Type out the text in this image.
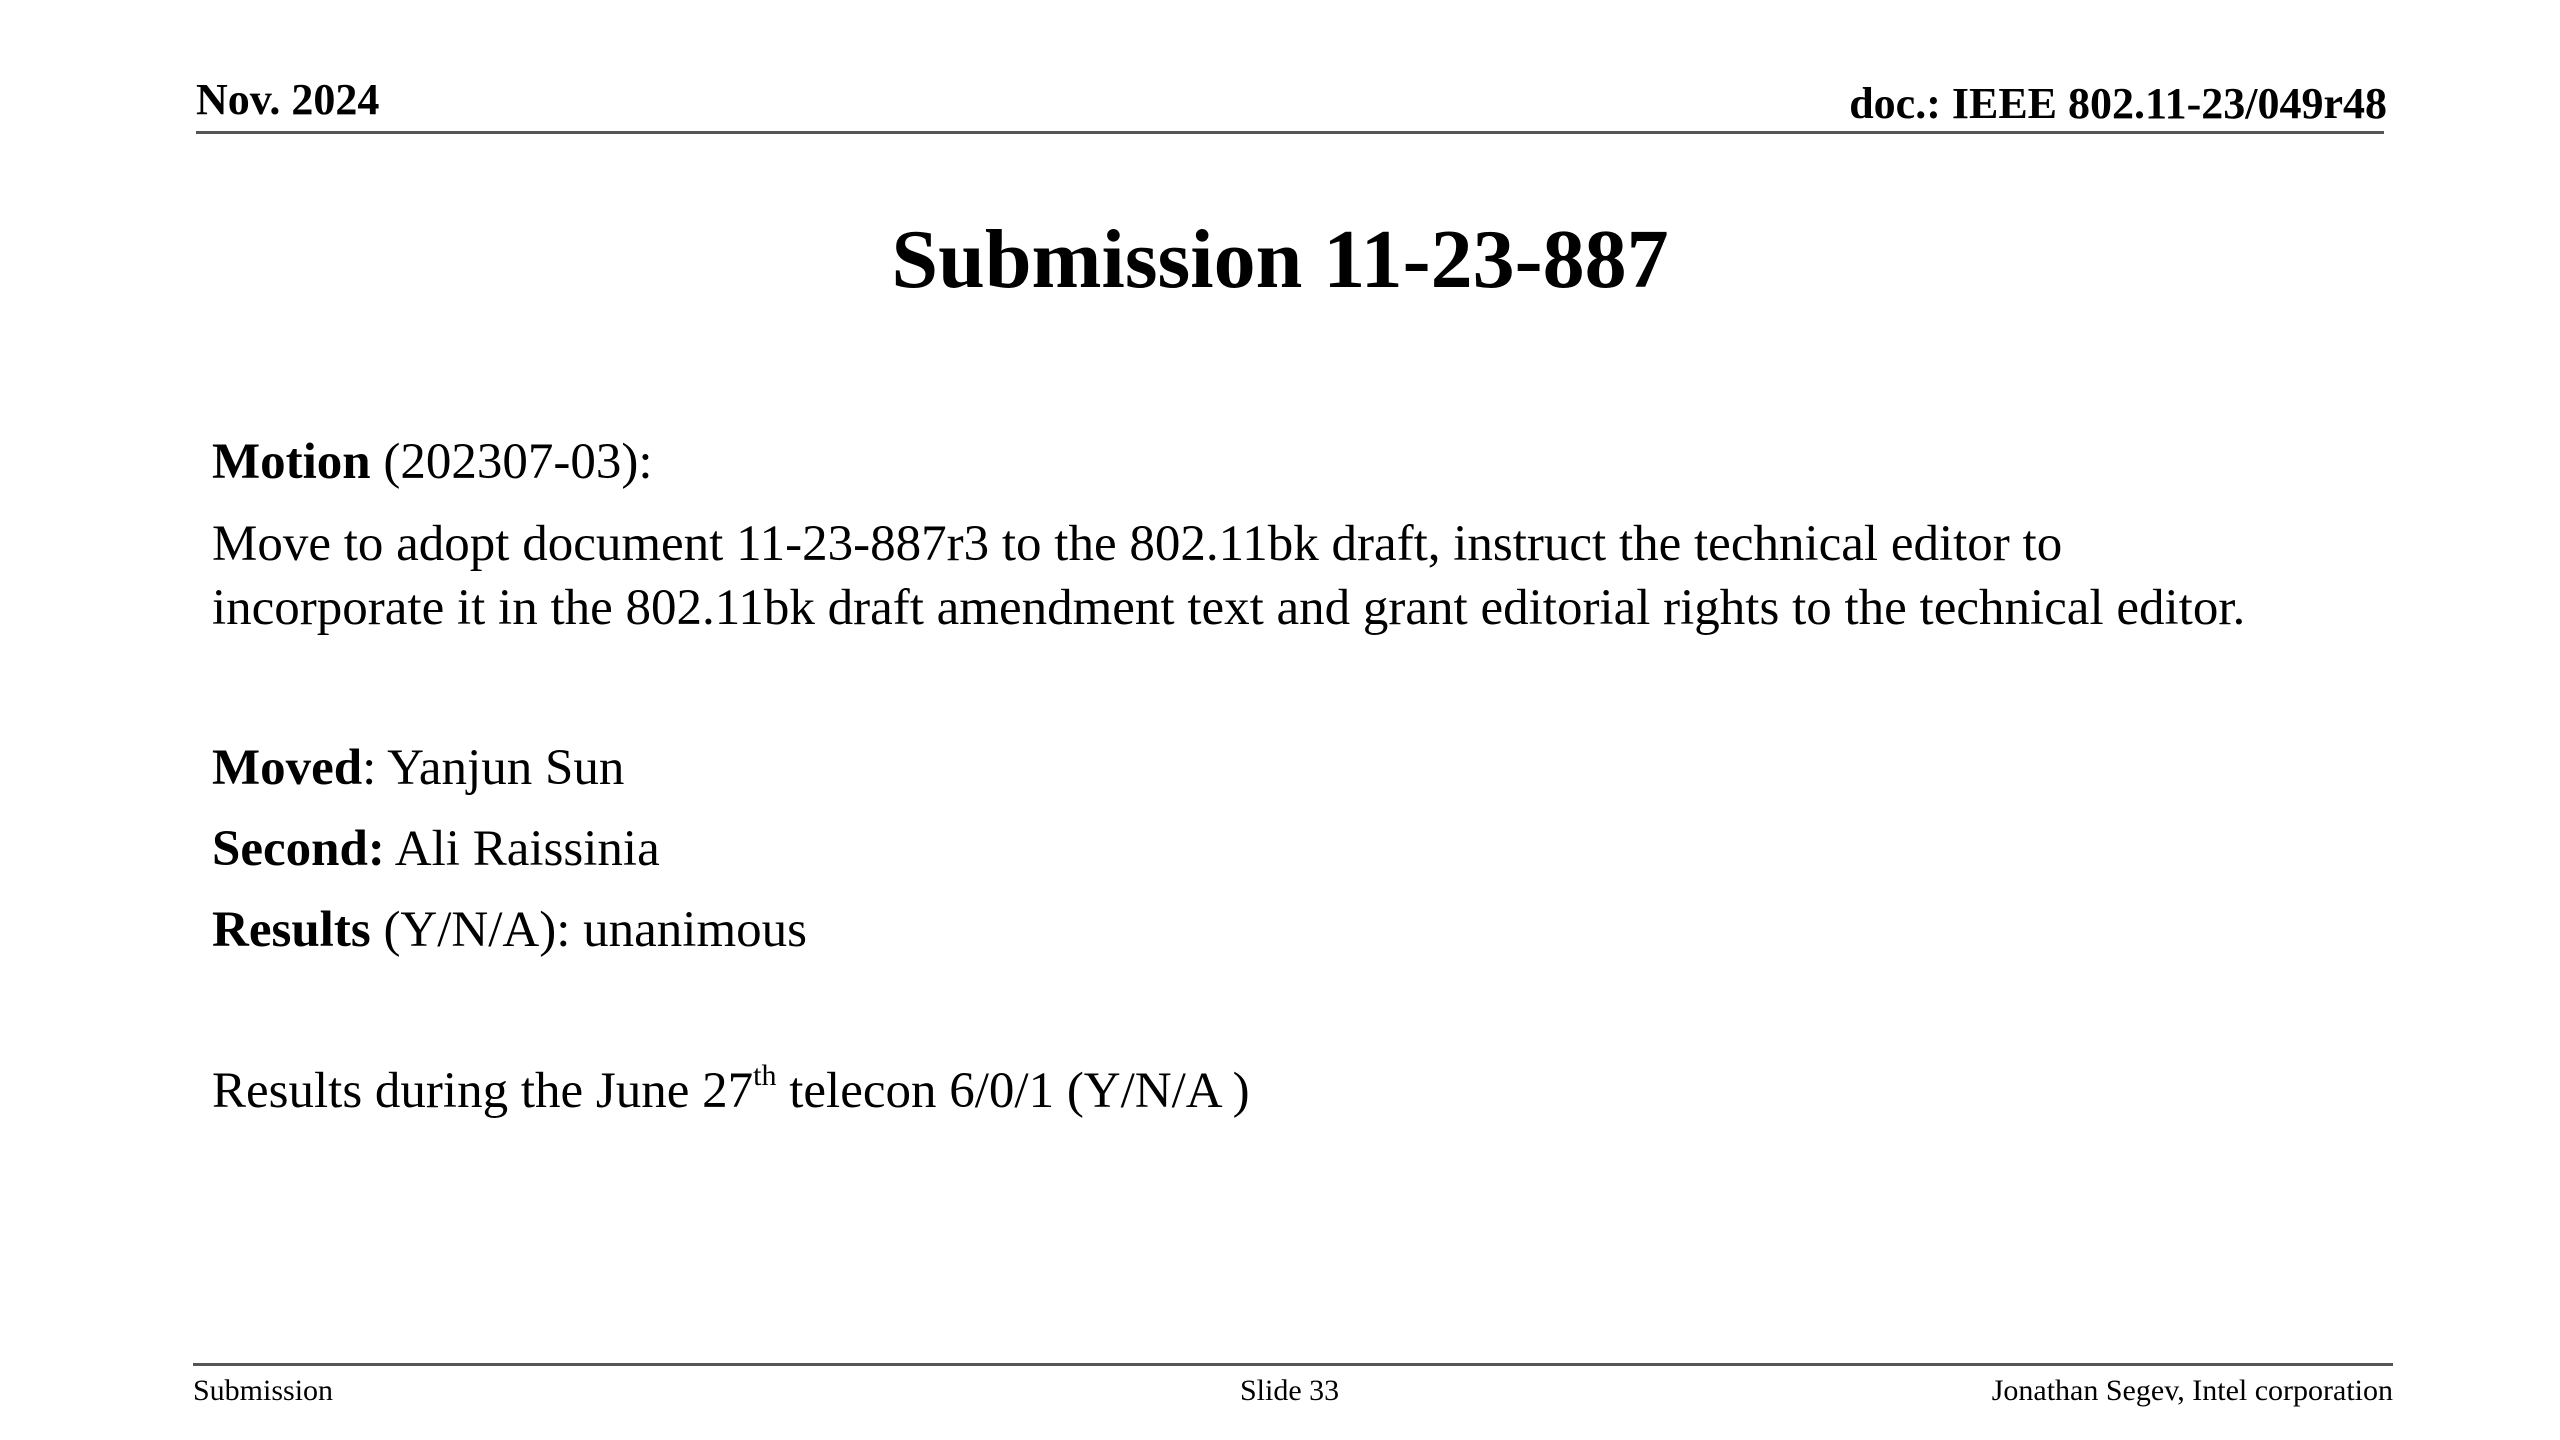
Nov. 2024	doc.: IEEE 802.11-23/049r48
Submission 11-23-887
Motion (202307-03):
Move to adopt document 11-23-887r3 to the 802.11bk draft, instruct the technical editor to
incorporate it in the 802.11bk draft amendment text and grant editorial rights to the technical editor.
Moved: Yanjun Sun
Second: Ali Raissinia
Results (Y/N/A): unanimous
Results during the June 27th telecon 6/0/1 (Y/N/A )
Submission	Slide 33	Jonathan Segev, Intel corporation
